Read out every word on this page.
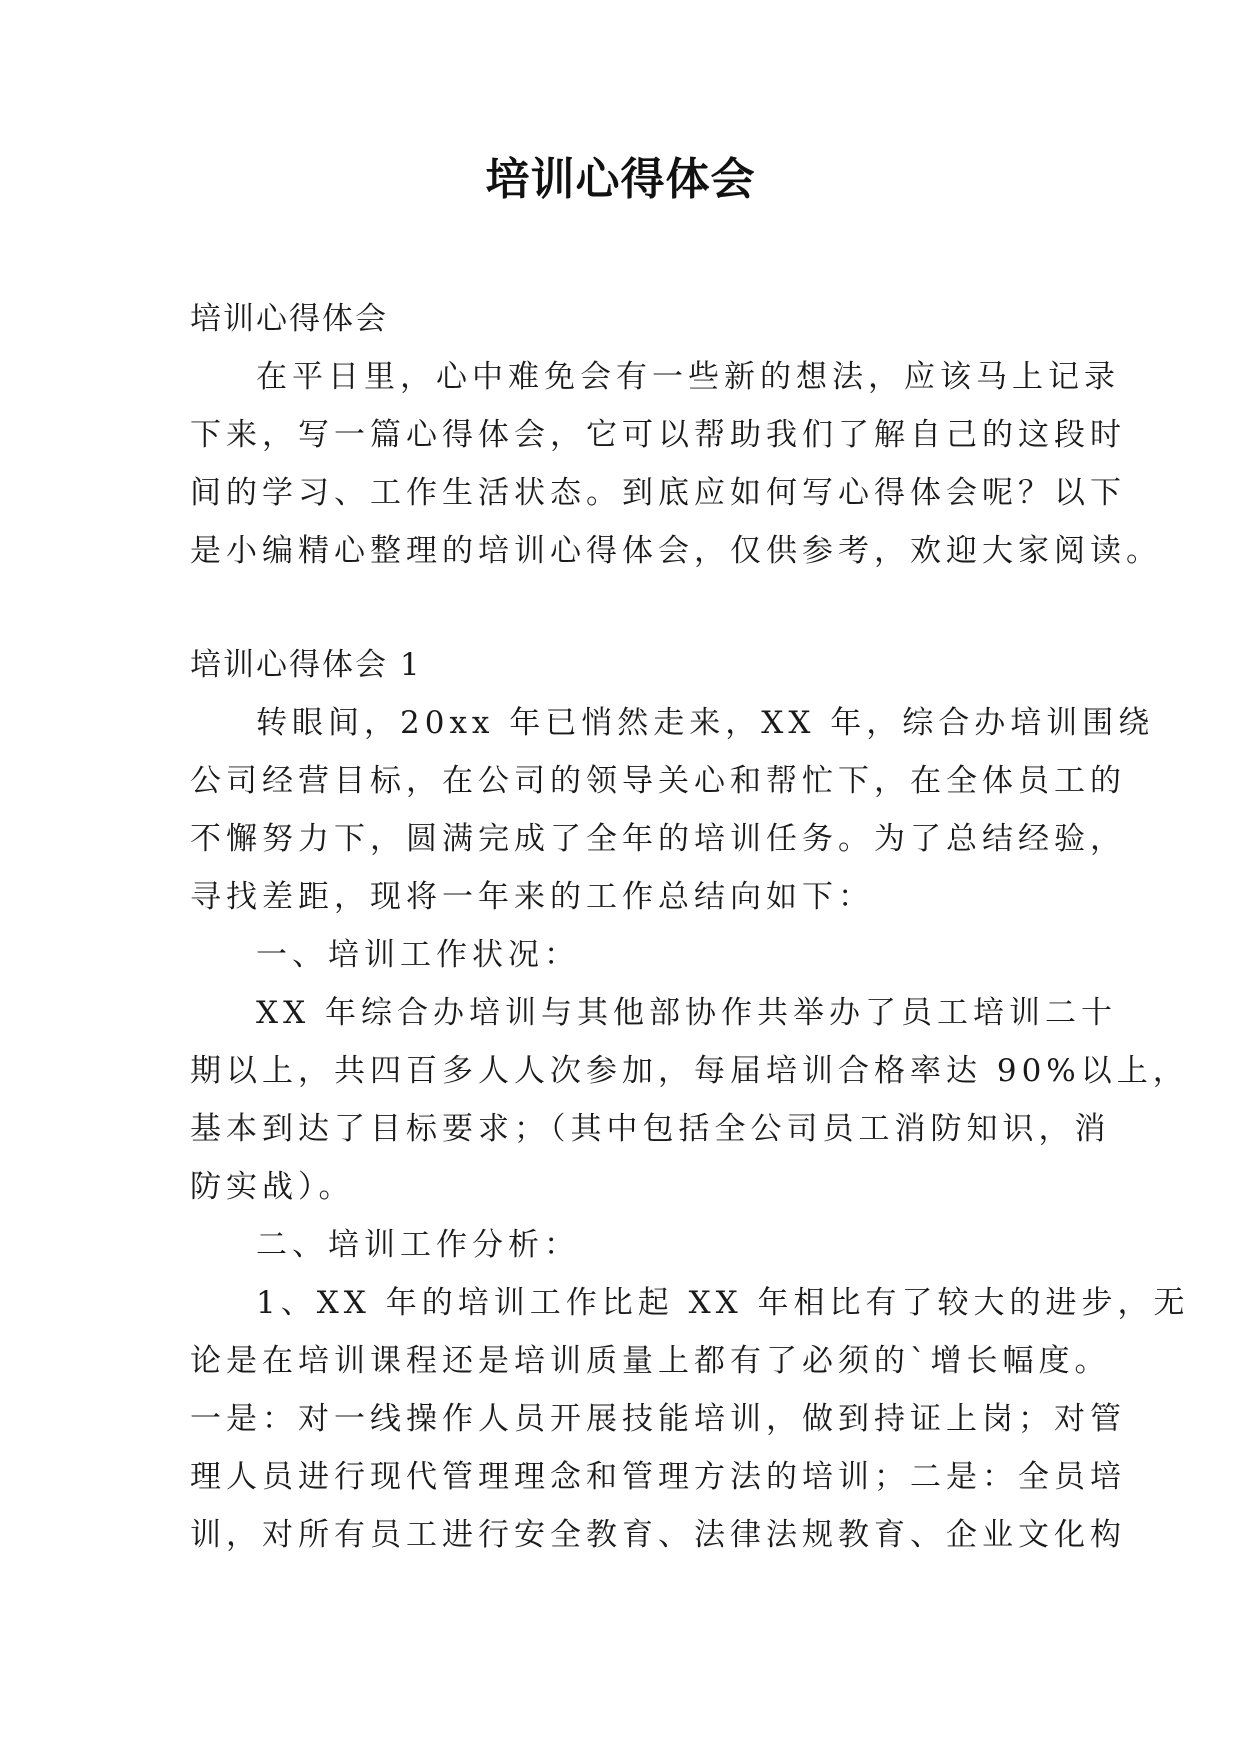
培训心得体会
培训心得体会
在平日里，心中难免会有一些新的想法，应该马上记录
下来，写一篇心得体会，它可以帮助我们了解自己的这段时
间的学习、工作生活状态。到底应如何写心得体会呢？以下
是小编精心整理的培训心得体会，仅供参考，欢迎大家阅读。
培训心得体会 1
转眼间，20xx 年已悄然走来，XX 年，综合办培训围绕
公司经营目标，在公司的领导关心和帮忙下，在全体员工的
不懈努力下，圆满完成了全年的培训任务。为了总结经验，
寻找差距，现将一年来的工作总结向如下：
一、培训工作状况：
XX 年综合办培训与其他部协作共举办了员工培训二十
期以上，共四百多人人次参加，每届培训合格率达 90%以上，
基本到达了目标要求；（其中包括全公司员工消防知识，消
防实战）。
二、培训工作分析：
1、XX 年的培训工作比起 XX 年相比有了较大的进步，无
论是在培训课程还是培训质量上都有了必须的`增长幅度。
一是：对一线操作人员开展技能培训，做到持证上岗；对管
理人员进行现代管理理念和管理方法的培训；二是：全员培
训，对所有员工进行安全教育、法律法规教育、企业文化构
